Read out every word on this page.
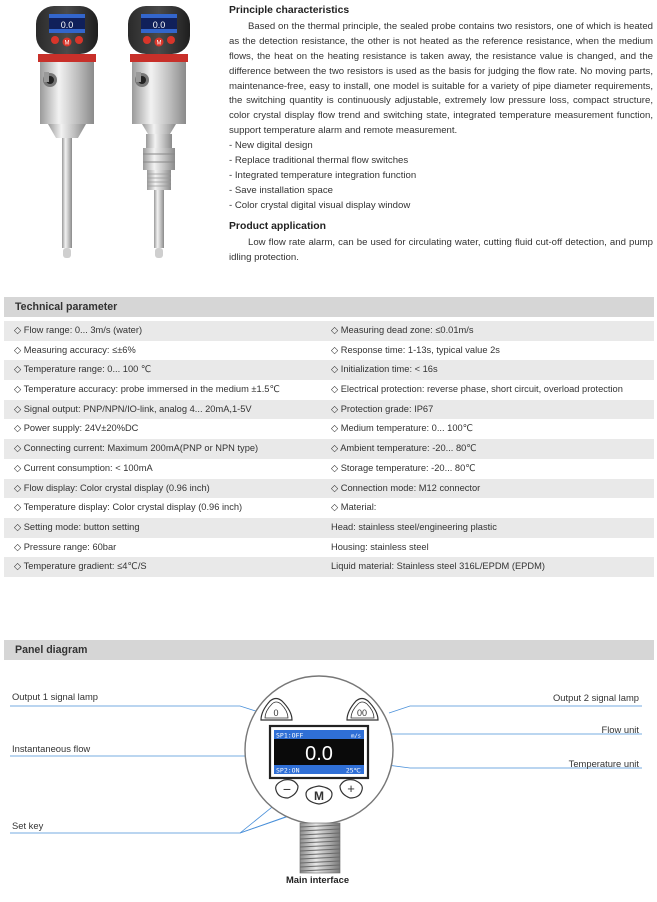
0.0
M
0.0
M
Principle characteristics

Based on the thermal principle, the sealed probe contains two resistors, one of which is heated as the detection resistance, the other is not heated as the reference resistance, when the medium flows, the heat on the heating resistance is taken away, the resistance value is changed, and the difference between the two resistors is used as the basis for judging the flow rate. No moving parts, maintenance-free, easy to install, one model is suitable for a variety of pipe diameter requirements, the switching quantity is continuously adjustable, extremely low pressure loss, compact structure, color crystal display flow trend and switching state, integrated temperature measurement function, support temperature alarm and remote measurement.

- New digital design
- Replace traditional thermal flow switches
- Integrated temperature integration function
- Save installation space
- Color crystal digital visual display window
Product application

Low flow rate alarm, can be used for circulating water, cutting fluid cut-off detection, and pump idling protection.

Technical parameter
◇ Flow range: 0... 3m/s (water)	◇ Measuring dead zone: ≤0.01m/s
◇ Measuring accuracy: ≤±6%	◇ Response time: 1-13s, typical value 2s
◇ Temperature range: 0... 100 ℃	◇ Initialization time: < 16s
◇ Temperature accuracy: probe immersed in the medium ±1.5℃	◇ Electrical protection: reverse phase, short circuit, overload protection
◇ Signal output: PNP/NPN/IO-link, analog 4... 20mA,1-5V	◇ Protection grade: IP67
◇ Power supply: 24V±20%DC	◇ Medium temperature: 0... 100℃
◇ Connecting current: Maximum 200mA(PNP or NPN type)	◇ Ambient temperature: -20... 80℃
◇ Current consumption: < 100mA	◇ Storage temperature: -20... 80℃
◇ Flow display: Color crystal display (0.96 inch)	◇ Connection mode: M12 connector
◇ Temperature display: Color crystal display (0.96 inch)	◇ Material:
◇ Setting mode: button setting	Head: stainless steel/engineering plastic
◇ Pressure range: 60bar	Housing: stainless steel
◇ Temperature gradient: ≤4℃/S	Liquid material: Stainless steel 316L/EPDM (EPDM)
Panel diagram
0	00
SP1:OFF	m/s
0.0
SP2:ON	25℃
− M +
Output 1 signal lamp	Output 2 signal lamp
Flow unit
Instantaneous flow
Temperature unit
Set key
Main interface
